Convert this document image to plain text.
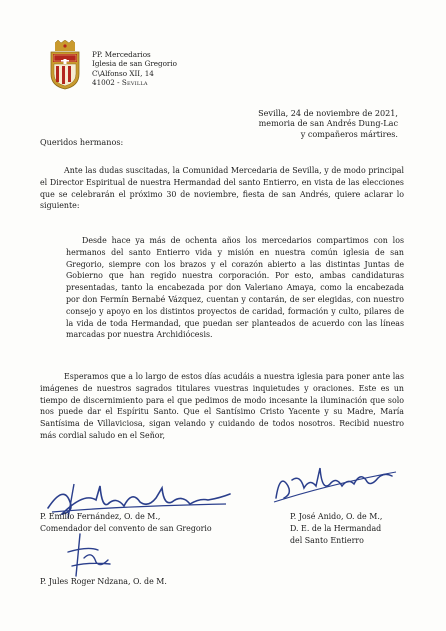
PP. Mercedarios
Iglesia de san Gregorio
C\Alfonso XII, 14
41002 - Sevilla
Sevilla, 24 de noviembre de 2021,
memoria de san Andrés Dung-Lac
y compañeros mártires.
Queridos hermanos:

Ante las dudas suscitadas, la Comunidad Mercedaria de Sevilla, y de modo principal el Director Espiritual de nuestra Hermandad del santo Entierro, en vista de las elecciones que se celebrarán el próximo 30 de noviembre, fiesta de san Andrés, quiere aclarar lo siguiente:

Desde hace ya más de ochenta años los mercedarios compartimos con los hermanos del santo Entierro vida y misión en nuestra común iglesia de san Gregorio, siempre con los brazos y el corazón abierto a las distintas Juntas de Gobierno que han regido nuestra corporación. Por esto, ambas candidaturas presentadas, tanto la encabezada por don Valeriano Amaya, como la encabezada por don Fermín Bernabé Vázquez, cuentan y contarán, de ser elegidas, con nuestro consejo y apoyo en los distintos proyectos de caridad, formación y culto, pilares de la vida de toda Hermandad, que puedan ser planteados de acuerdo con las líneas marcadas por nuestra Archidiócesis.

Esperamos que a lo largo de estos días acudáis a nuestra iglesia para poner ante las imágenes de nuestros sagrados titulares vuestras inquietudes y oraciones. Este es un tiempo de discernimiento para el que pedimos de modo incesante la iluminación que solo nos puede dar el Espíritu Santo. Que el Santísimo Cristo Yacente y su Madre, María Santísima de Villaviciosa, sigan velando y cuidando de todos nosotros. Recibid nuestro más cordial saludo en el Señor,

P. Emilio Fernández, O. de M.,
Comendador del convento de san Gregorio
P. José Anido, O. de M.,
D. E. de la Hermandad
del Santo Entierro
P. Jules Roger Ndzana, O. de M.
